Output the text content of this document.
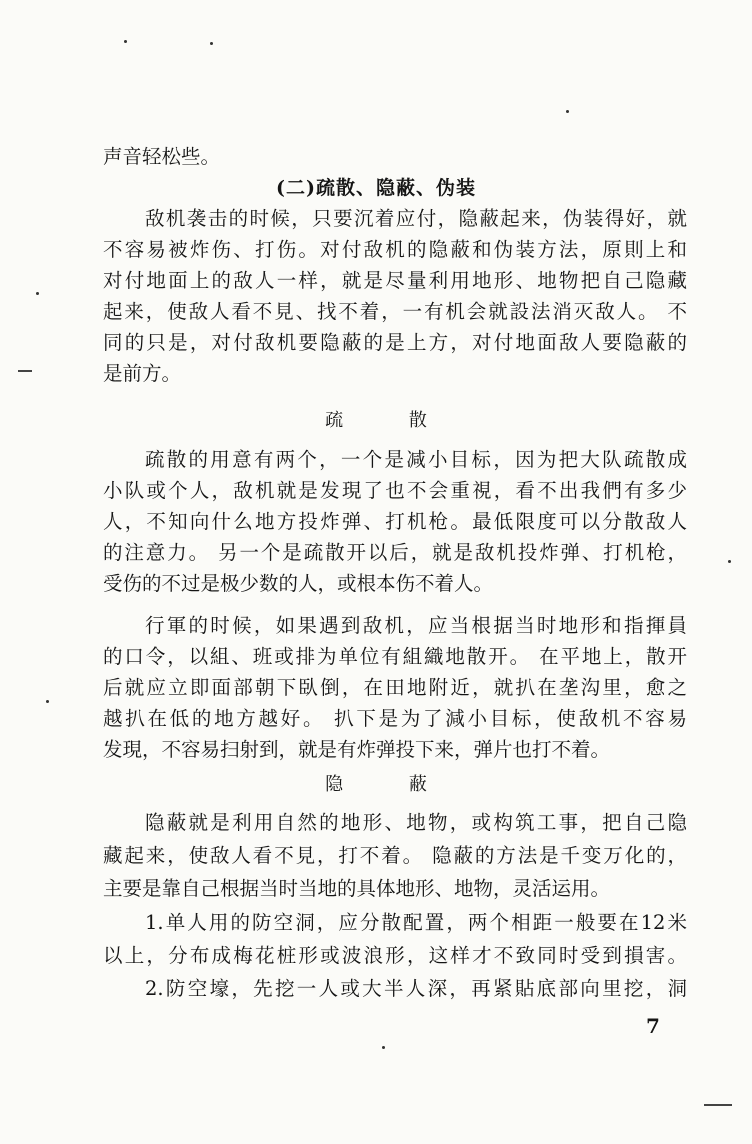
声音轻松些。
(二)疏散、隐蔽、伪装
敌机袭击的时候，只要沉着应付，隐蔽起来，伪装得好，就
不容易被炸伤、打伤。对付敌机的隐蔽和伪装方法，原則上和
对付地面上的敌人一样，就是尽量利用地形、地物把自己隐藏
起来，使敌人看不見、找不着，一有机会就設法消灭敌人。 不
同的只是，对付敌机要隐蔽的是上方，对付地面敌人要隐蔽的
是前方。
疏 散
疏散的用意有两个，一个是减小目标，因为把大队疏散成
小队或个人，敌机就是发現了也不会重視，看不出我們有多少
人，不知向什么地方投炸弹、打机枪。最低限度可以分散敌人
的注意力。 另一个是疏散开以后，就是敌机投炸弹、打机枪，
受伤的不过是极少数的人，或根本伤不着人。
行軍的时候，如果遇到敌机，应当根据当时地形和指揮員
的口令，以組、班或排为单位有組織地散开。 在平地上，散开
后就应立即面部朝下臥倒，在田地附近，就扒在垄沟里，愈之
越扒在低的地方越好。 扒下是为了減小目标，使敌机不容易
发現，不容易扫射到，就是有炸弹投下来，弹片也打不着。
隐 蔽
隐蔽就是利用自然的地形、地物，或构筑工事，把自己隐
藏起来，使敌人看不見，打不着。 隐蔽的方法是千变万化的，
主要是靠自己根据当时当地的具体地形、地物，灵活运用。
1.单人用的防空洞，应分散配置，两个相距一般要在12米
以上，分布成梅花桩形或波浪形，这样才不致同时受到損害。
2.防空壕，先挖一人或大半人深，再紧貼底部向里挖，洞
7
